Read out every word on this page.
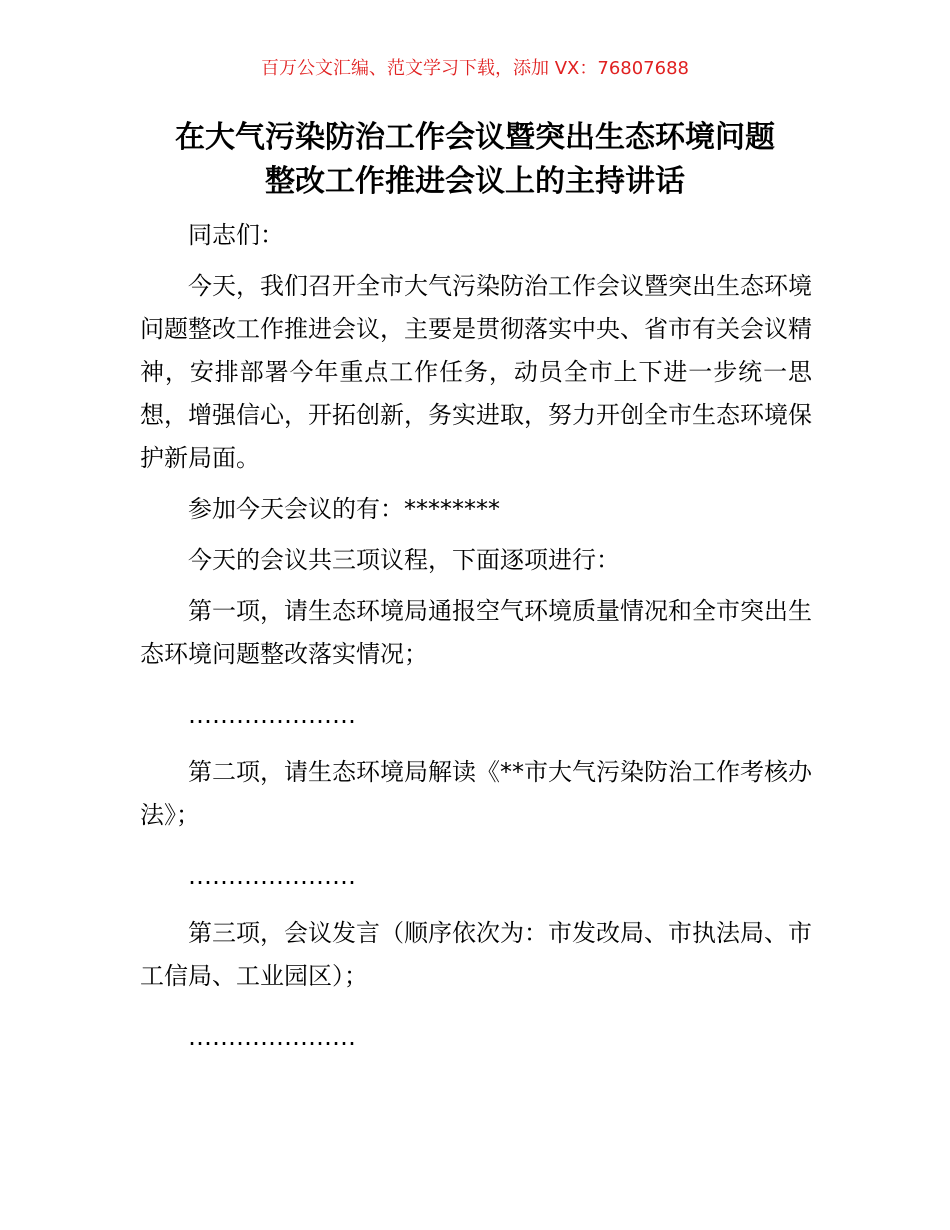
百万公文汇编、范文学习下载，添加 VX：76807688
在大气污染防治工作会议暨突出生态环境问题
整改工作推进会议上的主持讲话

同志们：

今天，我们召开全市大气污染防治工作会议暨突出生态环境问题整改工作推进会议，主要是贯彻落实中央、省市有关会议精神，安排部署今年重点工作任务，动员全市上下进一步统一思想，增强信心，开拓创新，务实进取，努力开创全市生态环境保护新局面。

参加今天会议的有：********

今天的会议共三项议程，下面逐项进行：

第一项，请生态环境局通报空气环境质量情况和全市突出生态环境问题整改落实情况；

…………………

第二项，请生态环境局解读《**市大气污染防治工作考核办法》；

…………………

第三项，会议发言（顺序依次为：市发改局、市执法局、市工信局、工业园区）；

…………………
